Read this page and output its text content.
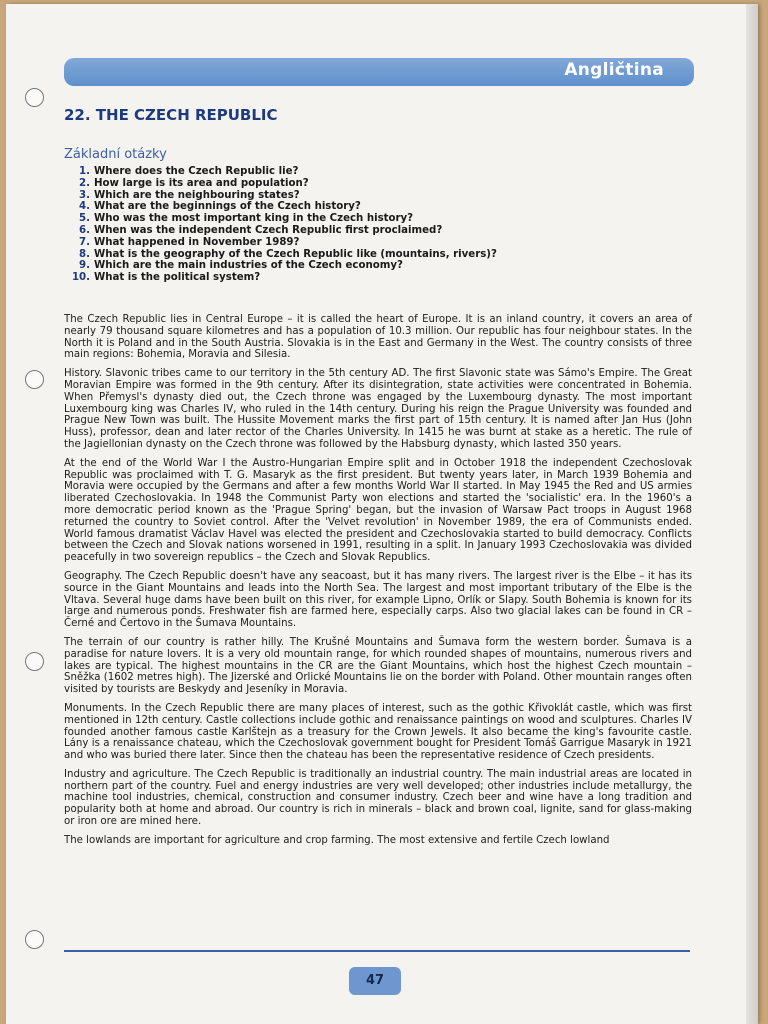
Angličtina
22. THE CZECH REPUBLIC
Základní otázky
1. Where does the Czech Republic lie?
2. How large is its area and population?
3. Which are the neighbouring states?
4. What are the beginnings of the Czech history?
5. Who was the most important king in the Czech history?
6. When was the independent Czech Republic first proclaimed?
7. What happened in November 1989?
8. What is the geography of the Czech Republic like (mountains, rivers)?
9. Which are the main industries of the Czech economy?
10. What is the political system?

The Czech Republic lies in Central Europe – it is called the heart of Europe. It is an inland country, it covers an area of nearly 79 thousand square kilometres and has a population of 10.3 million. Our republic has four neighbour states. In the North it is Poland and in the South Austria. Slovakia is in the East and Germany in the West. The country consists of three main regions: Bohemia, Moravia and Silesia.

History. Slavonic tribes came to our territory in the 5th century AD. The first Slavonic state was Sámo's Empire. The Great Moravian Empire was formed in the 9th century. After its disintegration, state activities were concentrated in Bohemia. When Přemysl's dynasty died out, the Czech throne was engaged by the Luxembourg dynasty. The most important Luxembourg king was Charles IV, who ruled in the 14th century. During his reign the Prague University was founded and Prague New Town was built. The Hussite Movement marks the first part of 15th century. It is named after Jan Hus (John Huss), professor, dean and later rector of the Charles University. In 1415 he was burnt at stake as a heretic. The rule of the Jagiellonian dynasty on the Czech throne was followed by the Habsburg dynasty, which lasted 350 years.

At the end of the World War I the Austro-Hungarian Empire split and in October 1918 the independent Czechoslovak Republic was proclaimed with T. G. Masaryk as the first president. But twenty years later, in March 1939 Bohemia and Moravia were occupied by the Germans and after a few months World War II started. In May 1945 the Red and US armies liberated Czechoslovakia. In 1948 the Communist Party won elections and started the 'socialistic' era. In the 1960's a more democratic period known as the 'Prague Spring' began, but the invasion of Warsaw Pact troops in August 1968 returned the country to Soviet control. After the 'Velvet revolution' in November 1989, the era of Communists ended. World famous dramatist Václav Havel was elected the president and Czechoslovakia started to build democracy. Conflicts between the Czech and Slovak nations worsened in 1991, resulting in a split. In January 1993 Czechoslovakia was divided peacefully in two sovereign republics – the Czech and Slovak Republics.

Geography. The Czech Republic doesn't have any seacoast, but it has many rivers. The largest river is the Elbe – it has its source in the Giant Mountains and leads into the North Sea. The largest and most important tributary of the Elbe is the Vltava. Several huge dams have been built on this river, for example Lipno, Orlík or Slapy. South Bohemia is known for its large and numerous ponds. Freshwater fish are farmed here, especially carps. Also two glacial lakes can be found in CR – Černé and Čertovo in the Šumava Mountains.

The terrain of our country is rather hilly. The Krušné Mountains and Šumava form the western border. Šumava is a paradise for nature lovers. It is a very old mountain range, for which rounded shapes of mountains, numerous rivers and lakes are typical. The highest mountains in the CR are the Giant Mountains, which host the highest Czech mountain – Sněžka (1602 metres high). The Jizerské and Orlické Mountains lie on the border with Poland. Other mountain ranges often visited by tourists are Beskydy and Jeseníky in Moravia.

Monuments. In the Czech Republic there are many places of interest, such as the gothic Křivoklát castle, which was first mentioned in 12th century. Castle collections include gothic and renaissance paintings on wood and sculptures. Charles IV founded another famous castle Karlštejn as a treasury for the Crown Jewels. It also became the king's favourite castle. Lány is a renaissance chateau, which the Czechoslovak government bought for President Tomáš Garrigue Masaryk in 1921 and who was buried there later. Since then the chateau has been the representative residence of Czech presidents.

Industry and agriculture. The Czech Republic is traditionally an industrial country. The main industrial areas are located in northern part of the country. Fuel and energy industries are very well developed; other industries include metallurgy, the machine tool industries, chemical, construction and consumer industry. Czech beer and wine have a long tradition and popularity both at home and abroad. Our country is rich in minerals – black and brown coal, lignite, sand for glass-making or iron ore are mined here.

The lowlands are important for agriculture and crop farming. The most extensive and fertile Czech lowland

47
